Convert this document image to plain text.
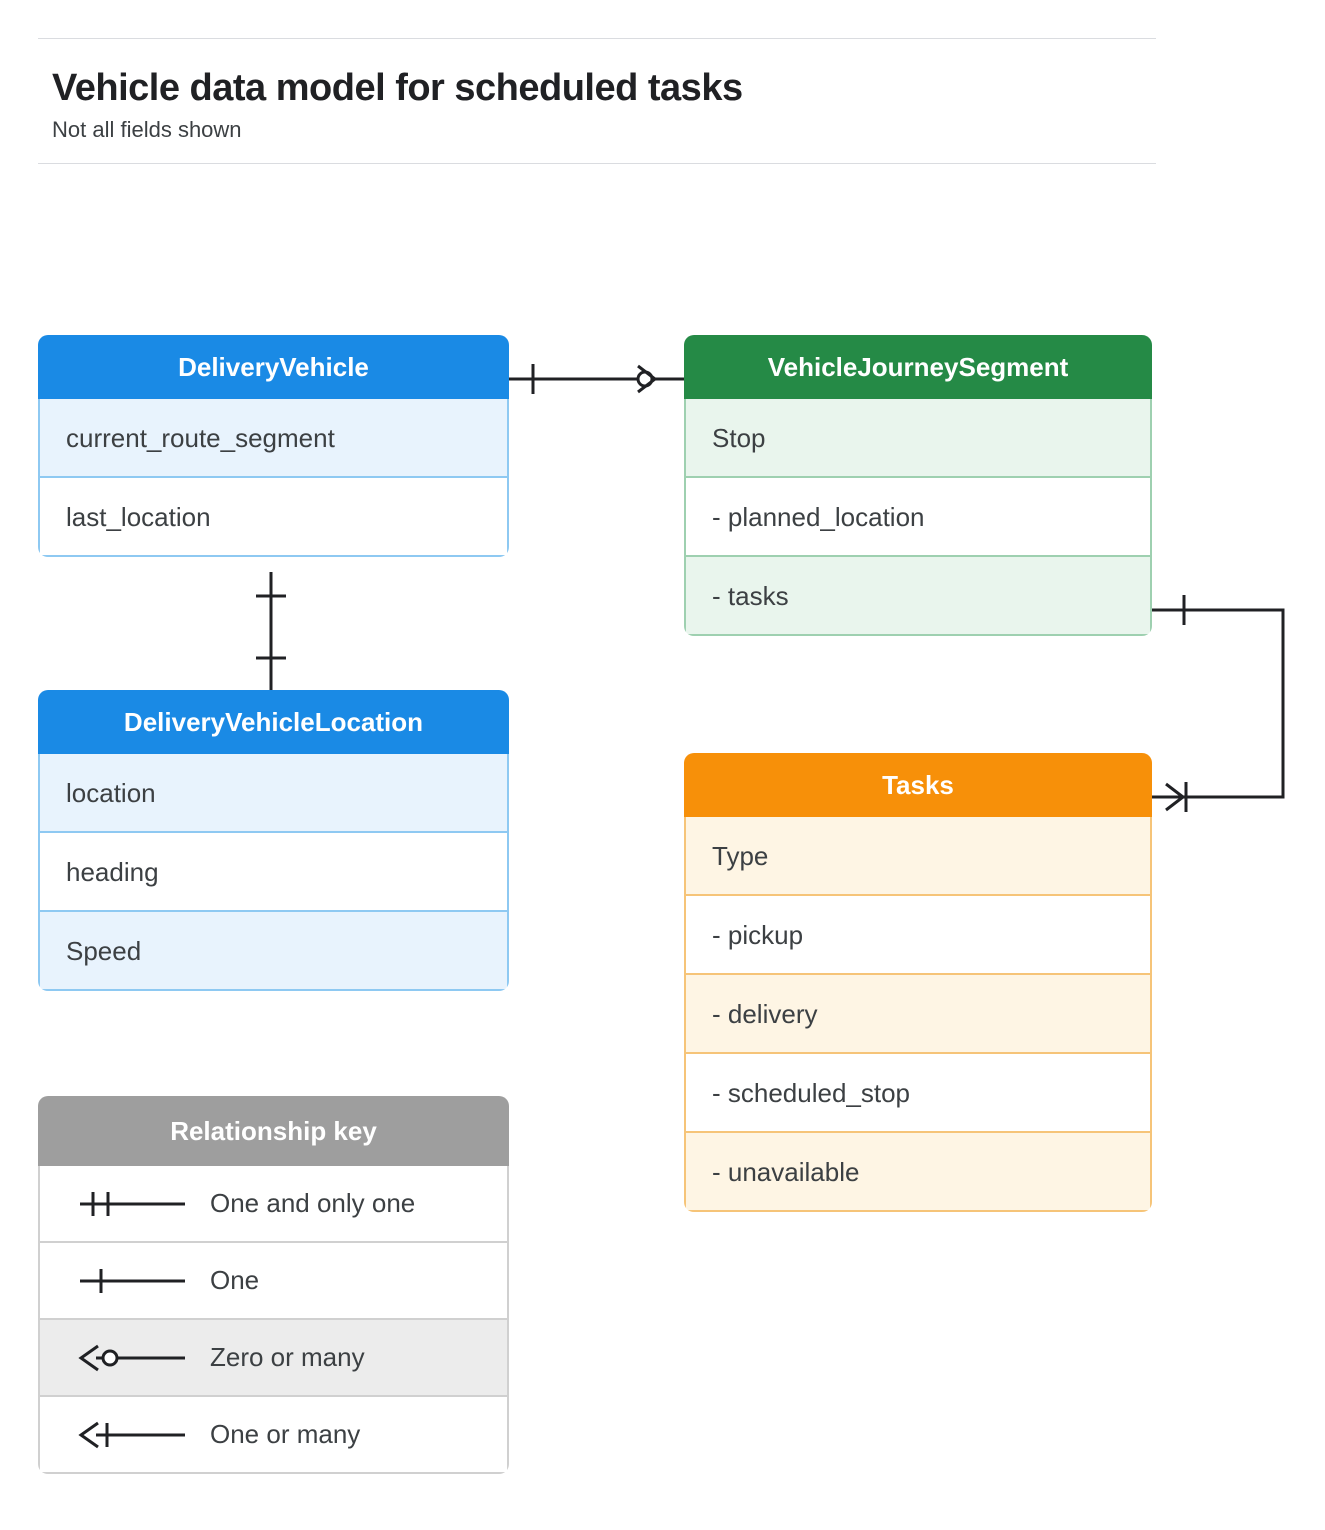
Vehicle data model for scheduled tasks
Not all fields shown
DeliveryVehicle
current_route_segment
last_location
VehicleJourneySegment
Stop
- planned_location
- tasks
DeliveryVehicleLocation
location
heading
Speed
Tasks
Type
- pickup
- delivery
- scheduled_stop
- unavailable
Relationship key
One and only one
One
Zero or many
One or many
